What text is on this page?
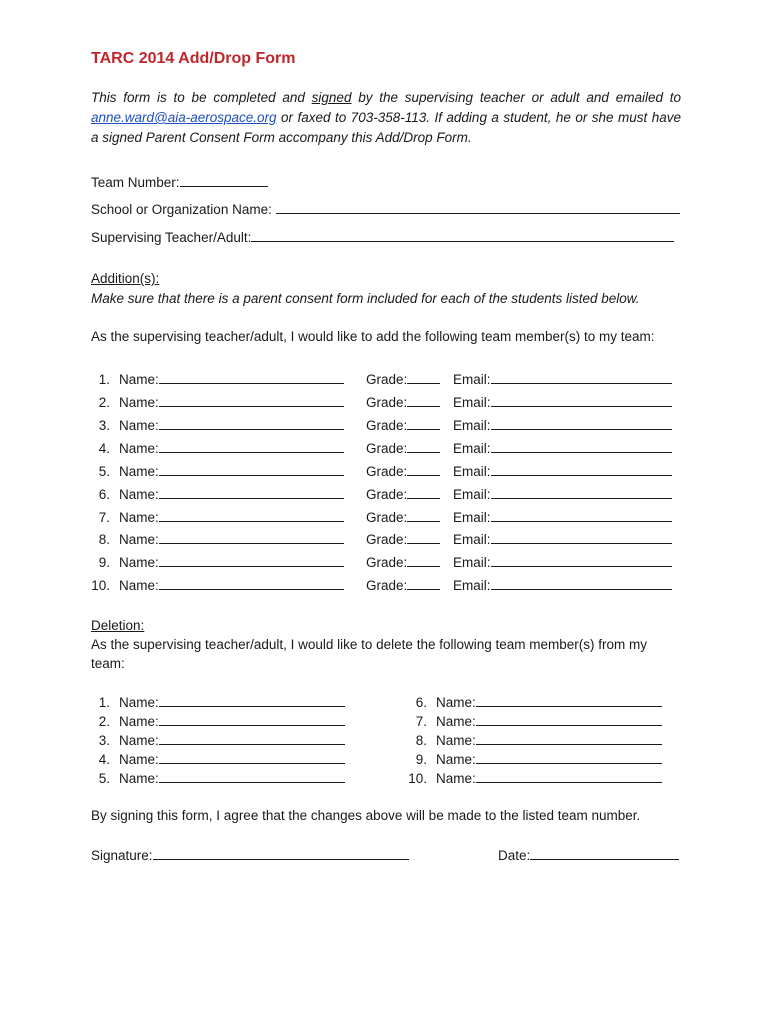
TARC 2014 Add/Drop Form
This form is to be completed and signed by the supervising teacher or adult and emailed to anne.ward@aia-aerospace.org or faxed to 703-358-113. If adding a student, he or she must have a signed Parent Consent Form accompany this Add/Drop Form.
Team Number:
School or Organization Name:
Supervising Teacher/Adult:
Addition(s):
Make sure that there is a parent consent form included for each of the students listed below.
As the supervising teacher/adult, I would like to add the following team member(s) to my team:
1. Name:	Grade:	Email:
2. Name:	Grade:	Email:
3. Name:	Grade:	Email:
4. Name:	Grade:	Email:
5. Name:	Grade:	Email:
6. Name:	Grade:	Email:
7. Name:	Grade:	Email:
8. Name:	Grade:	Email:
9. Name:	Grade:	Email:
10. Name:	Grade:	Email:
Deletion:
As the supervising teacher/adult, I would like to delete the following team member(s) from my
team:
1. Name:
2. Name:
3. Name:
4. Name:
5. Name:
6. Name:
7. Name:
8. Name:
9. Name:
10. Name:
By signing this form, I agree that the changes above will be made to the listed team number.
Signature:	Date:
